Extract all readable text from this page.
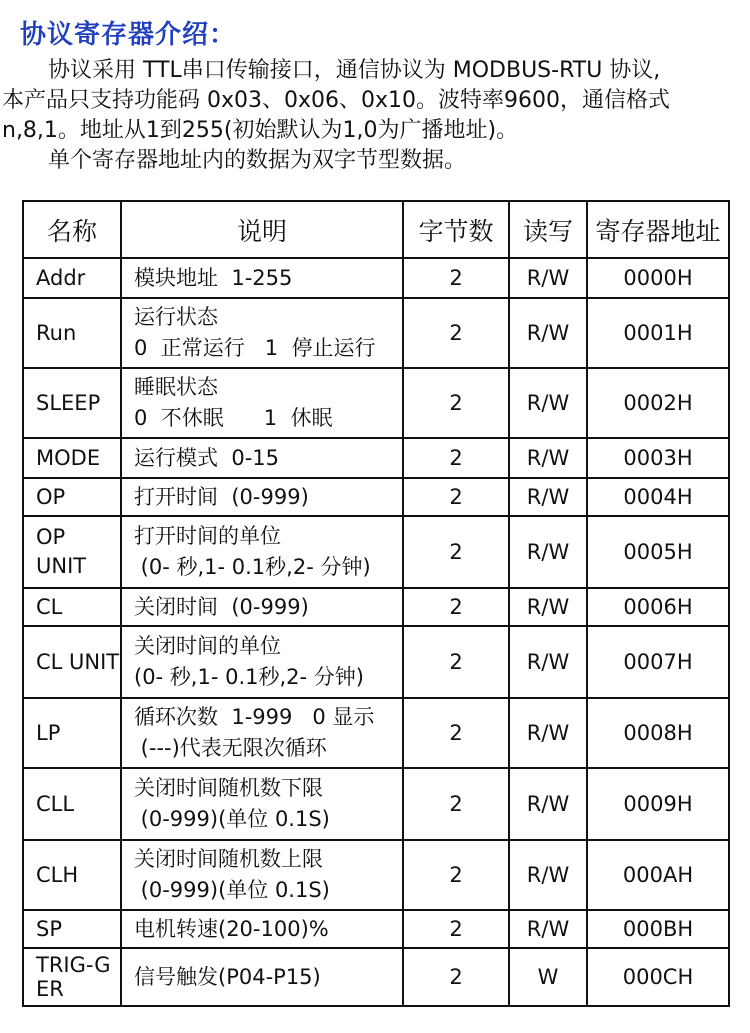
协议寄存器介绍：
协议采用 TTL串口传输接口，通信协议为 MODBUS-RTU 协议,
本产品只支持功能码 0x03、0x06、0x10。波特率9600，通信格式
n,8,1。地址从1到255(初始默认为1,0为广播地址)。
单个寄存器地址内的数据为双字节型数据。
名称	说明	字节数	读写	寄存器地址
Addr	模块地址  1-255	2	R/W	0000H
Run	运行状态
0  正常运行   1  停止运行	2	R/W	0001H
SLEEP	睡眠状态
0  不休眠      1  休眠	2	R/W	0002H
MODE	运行模式  0-15	2	R/W	0003H
OP	打开时间  (0-999)	2	R/W	0004H
OP UNIT	打开时间的单位
(0- 秒,1- 0.1秒,2- 分钟)	2	R/W	0005H
CL	关闭时间  (0-999)	2	R/W	0006H
CL UNIT	关闭时间的单位
(0- 秒,1- 0.1秒,2- 分钟)	2	R/W	0007H
LP	循环次数  1-999   0 显示
(---)代表无限次循环	2	R/W	0008H
CLL	关闭时间随机数下限
(0-999)(单位 0.1S)	2	R/W	0009H
CLH	关闭时间随机数上限
(0-999)(单位 0.1S)	2	R/W	000AH
SP	电机转速(20-100)%	2	R/W	000BH
TRIG-GER	信号触发(P04-P15)	2	W	000CH
